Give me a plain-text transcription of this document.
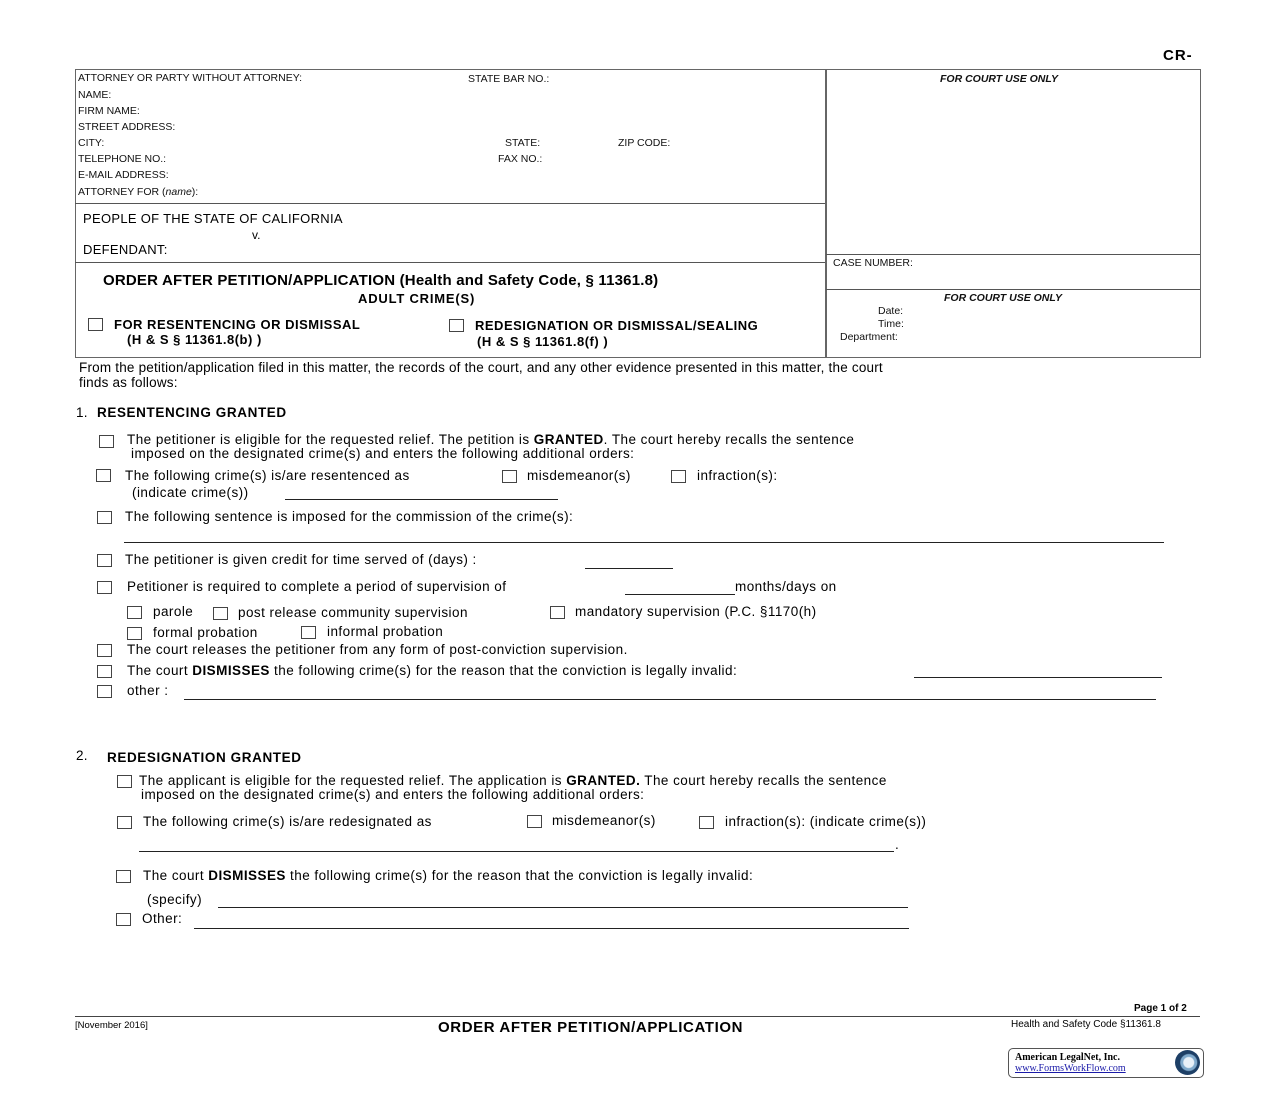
CR-
ATTORNEY OR PARTY WITHOUT ATTORNEY:	STATE BAR NO.:
NAME:
FIRM NAME:
STREET ADDRESS:
CITY:	STATE:	ZIP CODE:
TELEPHONE NO.:	FAX NO.:
E-MAIL ADDRESS:
ATTORNEY FOR (name):
FOR COURT USE ONLY
CASE NUMBER:
FOR COURT USE ONLY
Date:
Time:
Department:
PEOPLE OF THE STATE OF CALIFORNIA
v.
DEFENDANT:
ORDER AFTER PETITION/APPLICATION (Health and Safety Code, § 11361.8)
ADULT CRIME(S)
FOR RESENTENCING OR DISMISSAL
(H & S § 11361.8(b) )
REDESIGNATION OR DISMISSAL/SEALING
(H & S § 11361.8(f) )
From the petition/application filed in this matter, the records of the court, and any other evidence presented in this matter, the court
finds as follows:
1. RESENTENCING GRANTED
The petitioner is eligible for the requested relief. The petition is GRANTED. The court hereby recalls the sentence
imposed on the designated crime(s) and enters the following additional orders:
The following crime(s) is/are resentenced as	misdemeanor(s)	infraction(s):
(indicate crime(s))
The following sentence is imposed for the commission of the crime(s):
The petitioner is given credit for time served of (days) :
Petitioner is required to complete a period of supervision of	months/days on
parole	post release community supervision	mandatory supervision (P.C. §1170(h)
formal probation	informal probation
The court releases the petitioner from any form of post-conviction supervision.
The court DISMISSES the following crime(s) for the reason that the conviction is legally invalid:
other :
2. REDESIGNATION GRANTED
The applicant is eligible for the requested relief. The application is GRANTED. The court hereby recalls the sentence
imposed on the designated crime(s) and enters the following additional orders:
The following crime(s) is/are redesignated as	misdemeanor(s)	infraction(s): (indicate crime(s))
.
The court DISMISSES the following crime(s) for the reason that the conviction is legally invalid:
(specify)
Other:
Page 1 of 2
[November 2016]	ORDER AFTER PETITION/APPLICATION	Health and Safety Code §11361.8
American LegalNet, Inc.
www.FormsWorkFlow.com
